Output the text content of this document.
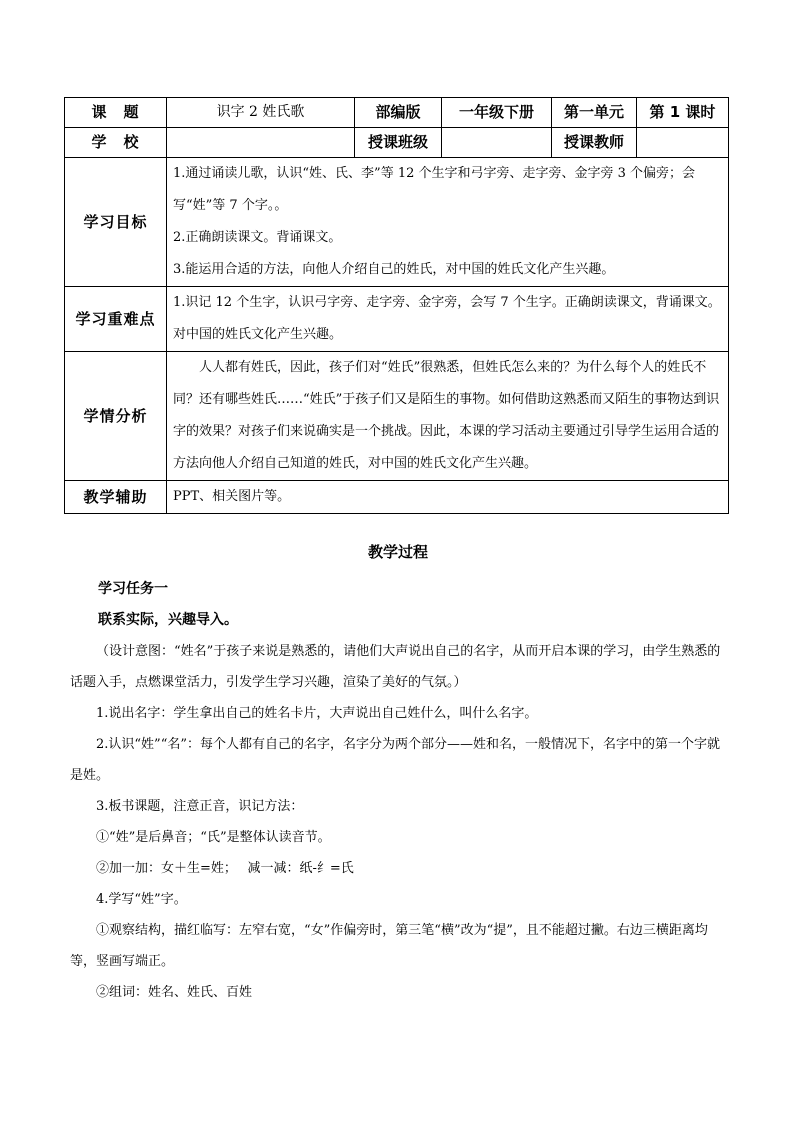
课　题	识字 2 姓氏歌	部编版	一年级下册	第一单元	第 1 课时
学　校		授课班级		授课教师	
学习目标	1.通过诵读儿歌，认识“姓、氏、李”等 12 个生字和弓字旁、走字旁、金字旁 3 个偏旁；会写“姓”等 7 个字。。

2.正确朗读课文。背诵课文。

3.能运用合适的方法，向他人介绍自己的姓氏，对中国的姓氏文化产生兴趣。				

学习重难点	1.识记 12 个生字，认识弓字旁、走字旁、金字旁，会写 7 个生字。正确朗读课文，背诵课文。对中国的姓氏文化产生兴趣。				

学情分析	人人都有姓氏，因此，孩子们对“姓氏”很熟悉，但姓氏怎么来的？为什么每个人的姓氏不同？还有哪些姓氏……“姓氏”于孩子们又是陌生的事物。如何借助这熟悉而又陌生的事物达到识字的效果？对孩子们来说确实是一个挑战。因此，本课的学习活动主要通过引导学生运用合适的方法向他人介绍自己知道的姓氏，对中国的姓氏文化产生兴趣。				

教学辅助	PPT、相关图片等。				

教学过程

学习任务一

联系实际，兴趣导入。

（设计意图：“姓名”于孩子来说是熟悉的，请他们大声说出自己的名字，从而开启本课的学习，由学生熟悉的话题入手，点燃课堂活力，引发学生学习兴趣，渲染了美好的气氛。）

1.说出名字：学生拿出自己的姓名卡片，大声说出自己姓什么，叫什么名字。

2.认识“姓”“名”：每个人都有自己的名字，名字分为两个部分——姓和名，一般情况下，名字中的第一个字就是姓。

3.板书课题，注意正音，识记方法：

①“姓”是后鼻音；“氏”是整体认读音节。

②加一加：女＋生=姓；　 减一减：纸-纟=氏

4.学写“姓”字。

①观察结构，描红临写：左窄右宽，“女”作偏旁时，第三笔“横”改为“提”，且不能超过撇。右边三横距离均等，竖画写端正。

②组词：姓名、姓氏、百姓
